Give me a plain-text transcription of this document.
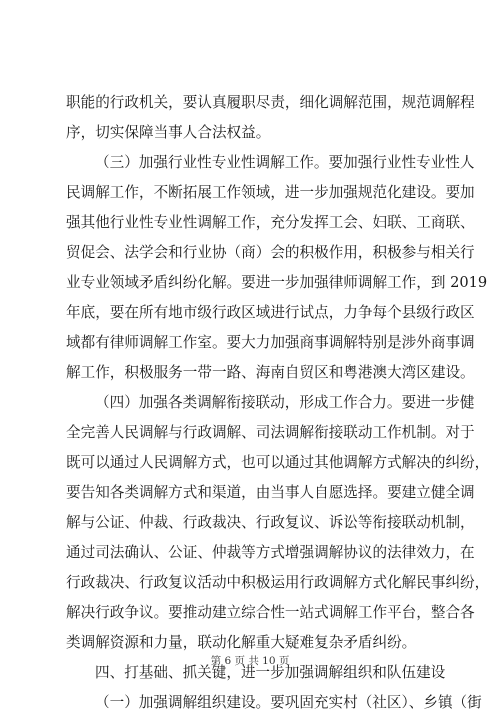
职能的行政机关，要认真履职尽责，细化调解范围，规范调解程
序，切实保障当事人合法权益。
（三）加强行业性专业性调解工作。要加强行业性专业性人
民调解工作，不断拓展工作领域，进一步加强规范化建设。要加
强其他行业性专业性调解工作，充分发挥工会、妇联、工商联、
贸促会、法学会和行业协（商）会的积极作用，积极参与相关行
业专业领域矛盾纠纷化解。要进一步加强律师调解工作，到 2019
年底，要在所有地市级行政区域进行试点，力争每个县级行政区
域都有律师调解工作室。要大力加强商事调解特别是涉外商事调
解工作，积极服务一带一路、海南自贸区和粤港澳大湾区建设。
（四）加强各类调解衔接联动，形成工作合力。要进一步健
全完善人民调解与行政调解、司法调解衔接联动工作机制。对于
既可以通过人民调解方式，也可以通过其他调解方式解决的纠纷，
要告知各类调解方式和渠道，由当事人自愿选择。要建立健全调
解与公证、仲裁、行政裁决、行政复议、诉讼等衔接联动机制，
通过司法确认、公证、仲裁等方式增强调解协议的法律效力，在
行政裁决、行政复议活动中积极运用行政调解方式化解民事纠纷，
解决行政争议。要推动建立综合性一站式调解工作平台，整合各
类调解资源和力量，联动化解重大疑难复杂矛盾纠纷。
四、打基础、抓关键，进一步加强调解组织和队伍建设
（一）加强调解组织建设。要巩固充实村（社区）、乡镇（街
第 6 页 共 10 页
